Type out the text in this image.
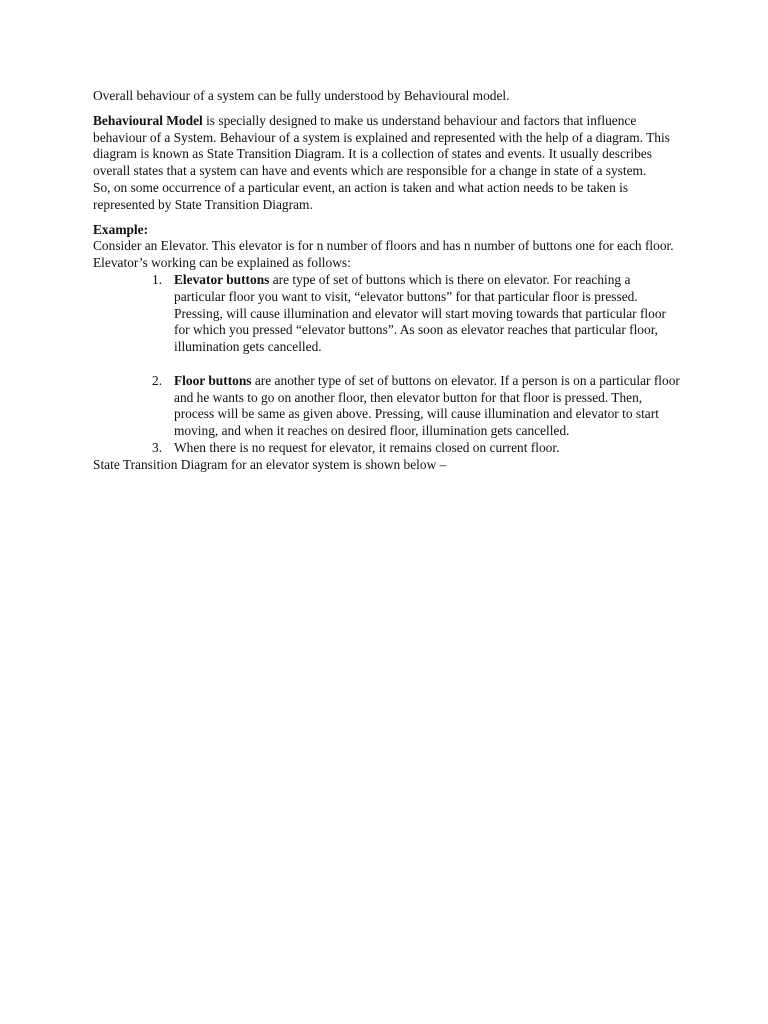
Overall behaviour of a system can be fully understood by Behavioural model.

Behavioural Model is specially designed to make us understand behaviour and factors that influence behaviour of a System. Behaviour of a system is explained and represented with the help of a diagram. This diagram is known as State Transition Diagram. It is a collection of states and events. It usually describes overall states that a system can have and events which are responsible for a change in state of a system.

So, on some occurrence of a particular event, an action is taken and what action needs to be taken is represented by State Transition Diagram.

Example:

Consider an Elevator. This elevator is for n number of floors and has n number of buttons one for each floor.

Elevator’s working can be explained as follows:

1. Elevator buttons are type of set of buttons which is there on elevator. For reaching a particular floor you want to visit, “elevator buttons” for that particular floor is pressed. Pressing, will cause illumination and elevator will start moving towards that particular floor for which you pressed “elevator buttons”. As soon as elevator reaches that particular floor,

illumination gets cancelled.

2. Floor buttons are another type of set of buttons on elevator. If a person is on a particular floor and he wants to go on another floor, then elevator button for that floor is pressed. Then, process will be same as given above. Pressing, will cause illumination and elevator to start moving, and when it reaches on desired floor, illumination gets cancelled.

3. When there is no request for elevator, it remains closed on current floor.

State Transition Diagram for an elevator system is shown below –
